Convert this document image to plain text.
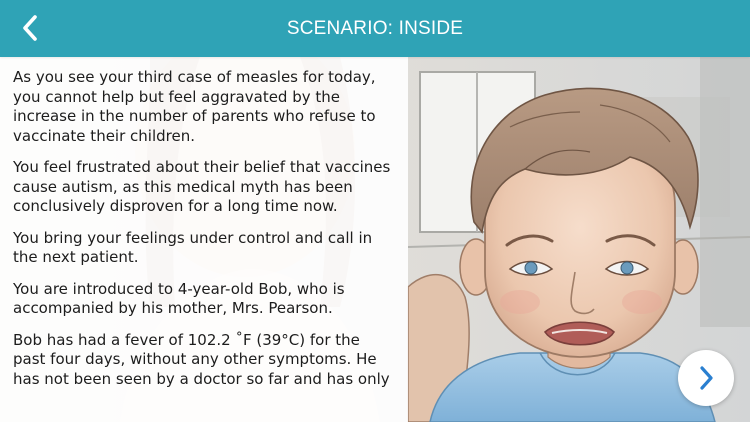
SCENARIO: INSIDE

As you see your third case of measles for today, you cannot help but feel aggravated by the increase in the number of parents who refuse to vaccinate their children.

You feel frustrated about their belief that vaccines cause autism, as this medical myth has been conclusively disproven for a long time now.

You bring your feelings under control and call in the next patient.

You are introduced to 4-year-old Bob, who is accompanied by his mother, Mrs. Pearson.

Bob has had a fever of 102.2 ˚F (39°C) for the past four days, without any other symptoms. He has not been seen by a doctor so far and has only
